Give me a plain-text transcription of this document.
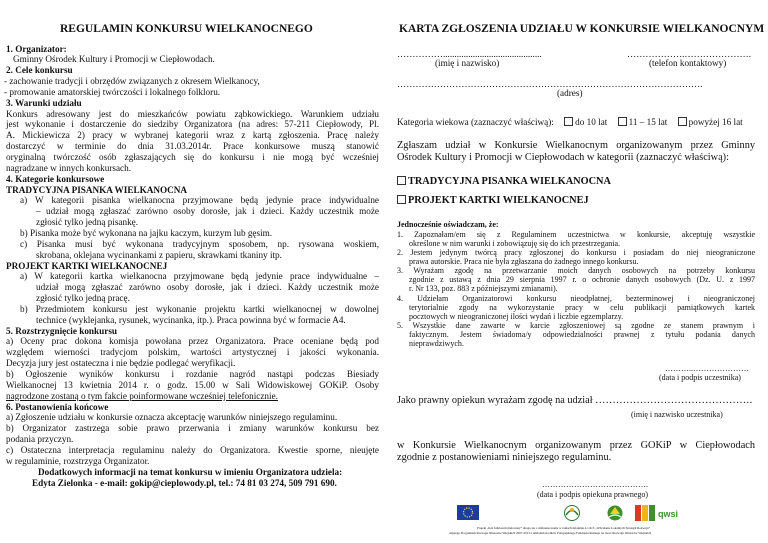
REGULAMIN KONKURSU WIELKANOCNEGO
1. Organizator:
Gminny Ośrodek Kultury i Promocji w Ciepłowodach.
2. Cele konkursu
- zachowanie tradycji i obrzędów związanych z okresem Wielkanocy,
- promowanie amatorskiej twórczości i lokalnego folkloru.
3. Warunki udziału
Konkurs adresowany jest do mieszkańców powiatu ząbkowickiego. Warunkiem udziału
jest wykonanie i dostarczenie do siedziby Organizatora (na adres: 57-211 Ciepłowody, Pl.
A. Mickiewicza 2) pracy w wybranej kategorii wraz z kartą zgłoszenia. Pracę należy
dostarczyć w terminie do dnia 31.03.2014r. Prace konkursowe muszą stanowić
oryginalną twórczość osób zgłaszających się do konkursu i nie mogą być wcześniej
nagradzane w innych konkursach.
4. Kategorie konkursowe
TRADYCYJNA PISANKA WIELKANOCNA
a) W kategorii pisanka wielkanocna przyjmowane będą jedynie prace indywidualne
– udział mogą zgłaszać zarówno osoby dorosłe, jak i dzieci. Każdy uczestnik może
zgłosić tylko jedną pisankę.
b) Pisanka może być wykonana na jajku kaczym, kurzym lub gęsim.
c) Pisanka musi być wykonana tradycyjnym sposobem, np. rysowana woskiem,
skrobana, oklejana wycinankami z papieru, skrawkami tkaniny itp.
PROJEKT KARTKI WIELKANOCNEJ
a) W kategorii kartka wielkanocna przyjmowane będą jedynie prace indywidualne –
udział mogą zgłaszać zarówno osoby dorosłe, jak i dzieci. Każdy uczestnik może
zgłosić tylko jedną pracę.
b) Przedmiotem konkursu jest wykonanie projektu kartki wielkanocnej w dowolnej
technice (wyklejanka, rysunek, wycinanka, itp.). Praca powinna być w formacie A4.
5. Rozstrzygnięcie konkursu
a) Oceny prac dokona komisja powołana przez Organizatora. Prace oceniane będą pod
względem wierności tradycjom polskim, wartości artystycznej i jakości wykonania.
Decyzja jury jest ostateczna i nie będzie podlegać weryfikacji.
b) Ogłoszenie wyników konkursu i rozdanie nagród nastąpi podczas Biesiady
Wielkanocnej 13 kwietnia 2014 r. o godz. 15.00 w Sali Widowiskowej GOKiP. Osoby
nagrodzone zostaną o tym fakcie poinformowane wcześniej telefonicznie.
6. Postanowienia końcowe
a) Zgłoszenie udziału w konkursie oznacza akceptację warunków niniejszego regulaminu.
b) Organizator zastrzega sobie prawo przerwania i zmiany warunków konkursu bez
podania przyczyn.
c) Ostateczna interpretacja regulaminu należy do Organizatora. Kwestie sporne, nieujęte
w regulaminie, rozstrzyga Organizator.
Dodatkowych informacji na temat konkursu w imieniu Organizatora udziela:
Edyta Zielonka - e-mail: gokip@cieplowody.pl, tel.: 74 81 03 274, 509 791 690.
KARTA ZGŁOSZENIA UDZIAŁU W KONKURSIE WIELKANOCNYM
……………...........................................	……………….………………….
(imię i nazwisko)	(telefon kontaktowy)
……………………………………………………………………………………….
(adres)
Kategoria wiekowa (zaznaczyć właściwą): do 10 lat 11 – 15 lat powyżej 16 lat
Zgłaszam udział w Konkursie Wielkanocnym organizowanym przez Gminny
Ośrodek Kultury i Promocji w Ciepłowodach w kategorii (zaznaczyć właściwą):
TRADYCYJNA PISANKA WIELKANOCNA
PROJEKT KARTKI WIELKANOCNEJ
Jednocześnie oświadczam, że:
1. Zapoznałam/em się z Regulaminem uczestnictwa w konkursie, akceptuję wszystkie
określone w nim warunki i zobowiązuję się do ich przestrzegania.
2. Jestem jedynym twórcą pracy zgłoszonej do konkursu i posiadam do niej nieograniczone
prawa autorskie. Praca nie była zgłaszana do żadnego innego konkursu.
3. Wyrażam zgodę na przetwarzanie moich danych osobowych na potrzeby konkursu
zgodnie z ustawą z dnia 29 sierpnia 1997 r. o ochronie danych osobowych (Dz. U. z 1997
r. Nr 133, poz. 883 z późniejszymi zmianami).
4. Udziełam Organizatorowi konkursu nieodpłatnej, bezterminowej i nieograniczonej
terytorialnie zgody na wykorzystanie pracy w celu publikacji pamiątkowych kartek
pocztowych w nieograniczonej ilości wydań i liczbie egzemplarzy.
5. Wszystkie dane zawarte w karcie zgłoszeniowej są zgodne ze stanem prawnym i
faktycznym. Jestem świadoma/y odpowiedzialności prawnej z tytułu podania danych
nieprawdziwych.
………..…………………
(data i podpis uczestnika)
Jako prawny opiekun wyrażam zgodę na udział ……………………………………….
(imię i nazwisko uczestnika)
w Konkursie Wielkanocnym organizowanym przez GOKiP w Ciepłowodach
zgodnie z postanowieniami niniejszego regulaminu.
………………………………….
(data i podpis opiekuna prawnego)
qwsi
Projekt „Kół folklorem malowany” uboga się o dofinansowanie w ramach działania 4.1/413 „Wdrażanie Lokalnych Strategii Rozwoju”
objętego Programem Rozwoju Obszarów Wiejskich 2007-2013 z udziałem środków Europejskiego Funduszu Rolnego na rzecz Rozwoju Obszarów Wiejskich
